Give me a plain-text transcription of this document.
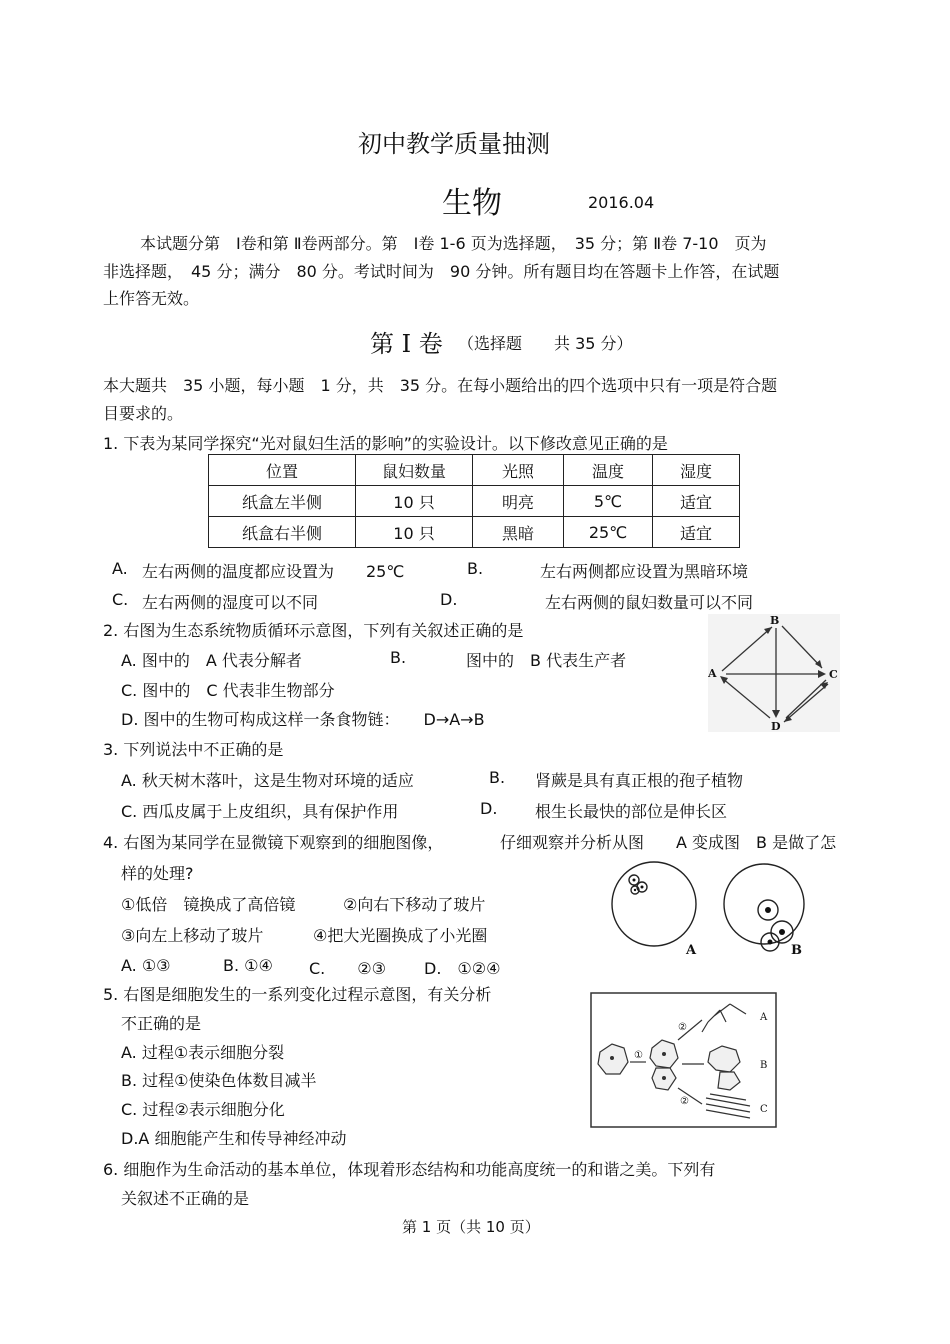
初中教学质量抽测
生物	2016.04
本试题分第　Ⅰ卷和第 Ⅱ卷两部分。第　Ⅰ卷 1-6 页为选择题，　35 分；第 Ⅱ卷 7-10　页为
非选择题，　45 分；满分　80 分。考试时间为　90 分钟。所有题目均在答题卡上作答，在试题
上作答无效。
第 Ⅰ 卷 （选择题　　共 35 分）
本大题共　35 小题，每小题　1 分，共　35 分。在每小题给出的四个选项中只有一项是符合题
目要求的。
1. 下表为某同学探究“光对鼠妇生活的影响”的实验设计。以下修改意见正确的是
位置	鼠妇数量	光照	温度	湿度
纸盒左半侧	10 只	明亮	5℃	适宜
纸盒右半侧	10 只	黑暗	25℃	适宜
A. 左右两侧的温度都应设置为　　25℃	B.	左右两侧都应设置为黑暗环境
C. 左右两侧的湿度可以不同	D.	左右两侧的鼠妇数量可以不同
2. 右图为生态系统物质循环示意图，下列有关叙述正确的是
A. 图中的　A 代表分解者	B.	图中的　B 代表生产者
C. 图中的　C 代表非生物部分
D. 图中的生物可构成这样一条食物链：　　D→A→B
B
A	C
D
3. 下列说法中不正确的是
A. 秋天树木落叶，这是生物对环境的适应	B. 肾蕨是具有真正根的孢子植物
C. 西瓜皮属于上皮组织，具有保护作用	D. 根生长最快的部位是伸长区
4. 右图为某同学在显微镜下观察到的细胞图像，	仔细观察并分析从图　　A 变成图　B 是做了怎
样的处理?
①低倍　镜换成了高倍镜	②向右下移动了玻片
③向左上移动了玻片	④把大光圈换成了小光圈
A. ①③	B. ①④ C.　　②③ D.　①②④
A	B
5. 右图是细胞发生的一系列变化过程示意图，有关分析
不正确的是
A. 过程①表示细胞分裂
B. 过程①使染色体数目减半
C. 过程②表示细胞分化
D.A 细胞能产生和传导神经冲动
①
②
②
A
B
C
6. 细胞作为生命活动的基本单位，体现着形态结构和功能高度统一的和谐之美。下列有
关叙述不正确的是
第 1 页（共 10 页）
